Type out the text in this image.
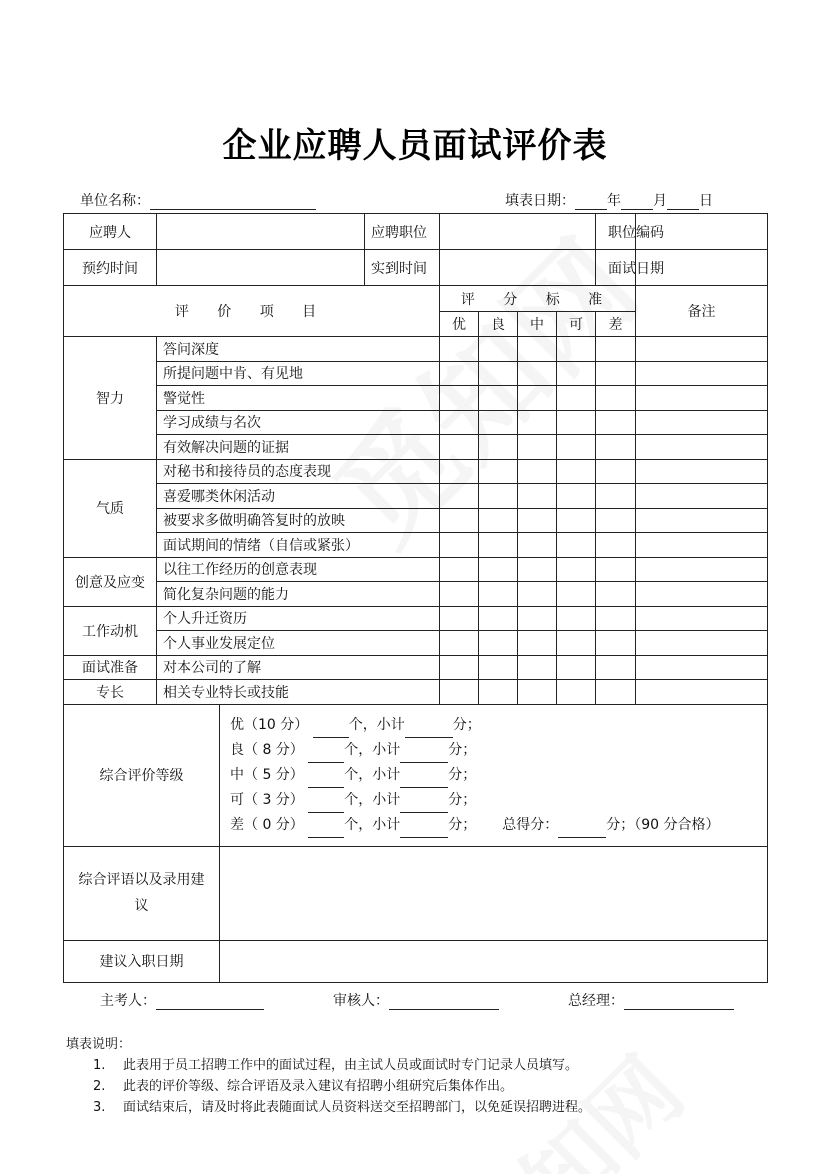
企业应聘人员面试评价表
单位名称：	填表日期： 年 月 日
应聘人			应聘职位					职位编码	
预约时间			实到时间					面试日期	
评 价 项 目				评 分 标 准					备注
				优	良	中	可	差	
智力	答问深度								
	所提问题中肯、有见地								
	警觉性								
	学习成绩与名次								
	有效解决问题的证据								
气质	对秘书和接待员的态度表现								
	喜爱哪类休闲活动								
	被要求多做明确答复时的放映								
	面试期间的情绪（自信或紧张）								
创意及应变	以往工作经历的创意表现								
	简化复杂问题的能力								
工作动机	个人升迁资历								
	个人事业发展定位								
面试准备	对本公司的了解								
专长	相关专业特长或技能								
综合评价等级		优（10 分） 个，小计 分；
良（ 8 分） 个，小计 分；
中（ 5 分） 个，小计 分；
可（ 3 分） 个，小计 分；
差（ 0 分） 个，小计 分； 总得分： 分；（90 分合格）							

综合评语以及录用建议									
建议入职日期									
主考人：	审核人：	总经理：
填表说明：
1.	此表用于员工招聘工作中的面试过程，由主试人员或面试时专门记录人员填写。
2.	此表的评价等级、综合评语及录入建议有招聘小组研究后集体作出。
3.	面试结束后，请及时将此表随面试人员资料送交至招聘部门，以免延误招聘进程。
